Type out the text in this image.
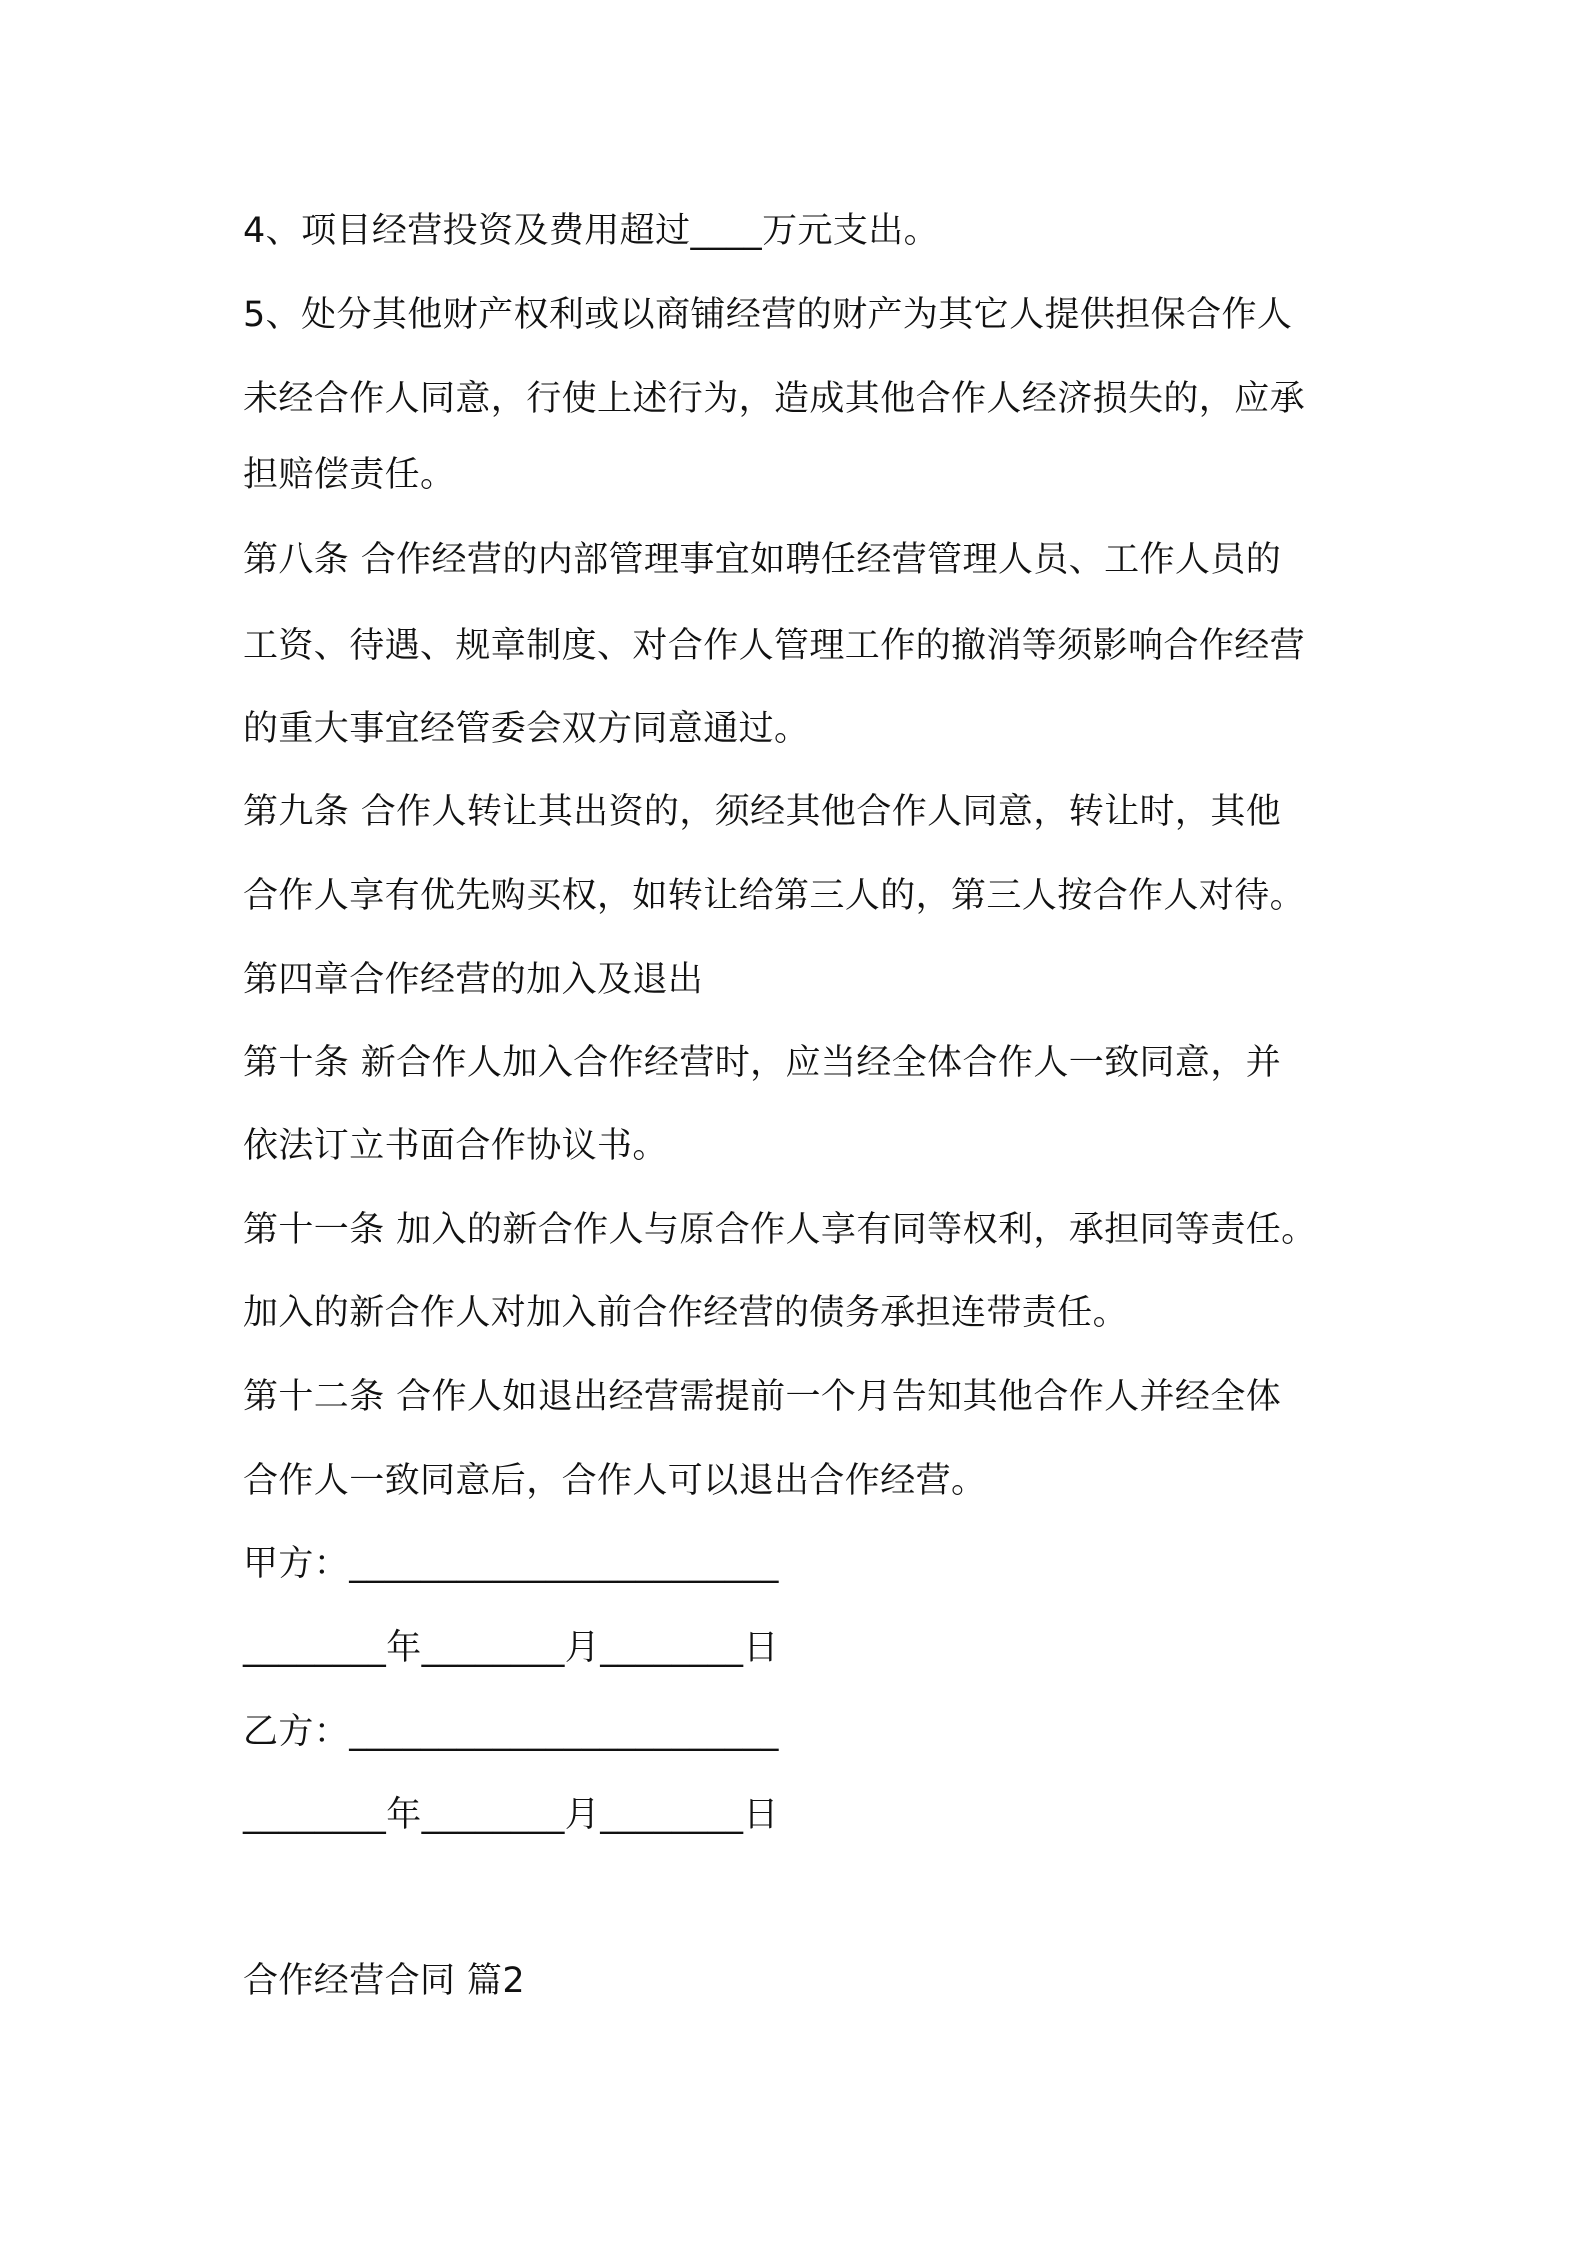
4、项目经营投资及费用超过____万元支出。
5、处分其他财产权利或以商铺经营的财产为其它人提供担保合作人
未经合作人同意，行使上述行为，造成其他合作人经济损失的，应承
担赔偿责任。
第八条 合作经营的内部管理事宜如聘任经营管理人员、工作人员的
工资、待遇、规章制度、对合作人管理工作的撤消等须影响合作经营
的重大事宜经管委会双方同意通过。
第九条 合作人转让其出资的，须经其他合作人同意，转让时，其他
合作人享有优先购买权，如转让给第三人的，第三人按合作人对待。
第四章合作经营的加入及退出
第十条 新合作人加入合作经营时，应当经全体合作人一致同意，并
依法订立书面合作协议书。
第十一条 加入的新合作人与原合作人享有同等权利，承担同等责任。
加入的新合作人对加入前合作经营的债务承担连带责任。
第十二条 合作人如退出经营需提前一个月告知其他合作人并经全体
合作人一致同意后，合作人可以退出合作经营。
甲方：________________________
________年________月________日
乙方：________________________
________年________月________日
合作经营合同 篇2
